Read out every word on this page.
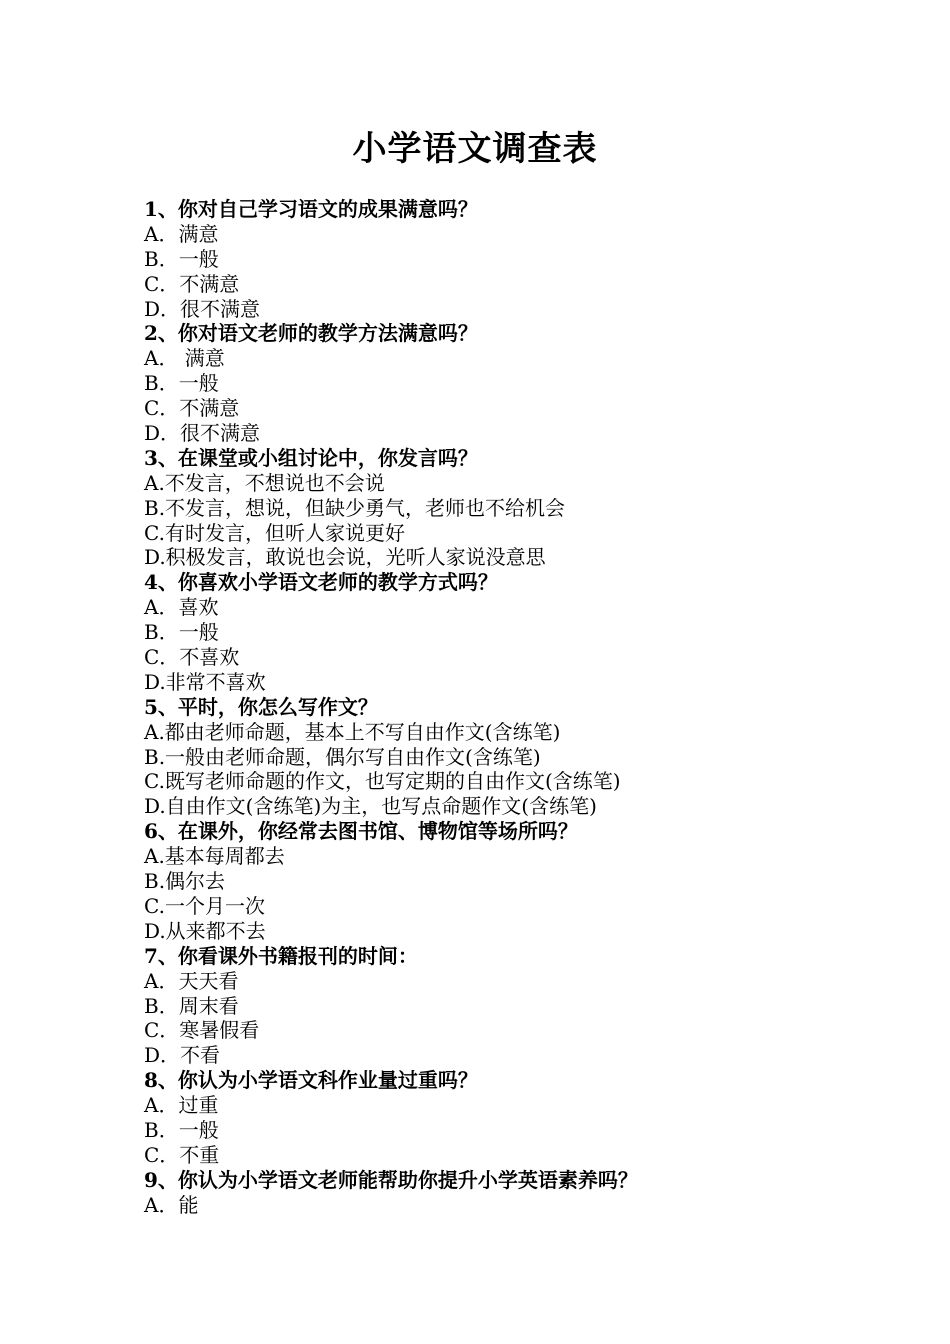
小学语文调查表
1、你对自己学习语文的成果满意吗？
A．满意
B．一般
C．不满意
D．很不满意
2、你对语文老师的教学方法满意吗？
A． 满意
B．一般
C．不满意
D．很不满意
3、在课堂或小组讨论中，你发言吗？
A.不发言，不想说也不会说
B.不发言，想说，但缺少勇气，老师也不给机会
C.有时发言，但听人家说更好
D.积极发言，敢说也会说，光听人家说没意思
4、你喜欢小学语文老师的教学方式吗？
A．喜欢
B．一般
C．不喜欢
D.非常不喜欢
5、平时，你怎么写作文？
A.都由老师命题，基本上不写自由作文(含练笔)
B.一般由老师命题，偶尔写自由作文(含练笔)
C.既写老师命题的作文，也写定期的自由作文(含练笔)
D.自由作文(含练笔)为主，也写点命题作文(含练笔)
6、在课外，你经常去图书馆、博物馆等场所吗？
A.基本每周都去
B.偶尔去
C.一个月一次
D.从来都不去
7、你看课外书籍报刊的时间：
A．天天看
B．周末看
C．寒暑假看
D．不看
8、你认为小学语文科作业量过重吗？
A．过重
B．一般
C．不重
9、你认为小学语文老师能帮助你提升小学英语素养吗？
A．能
